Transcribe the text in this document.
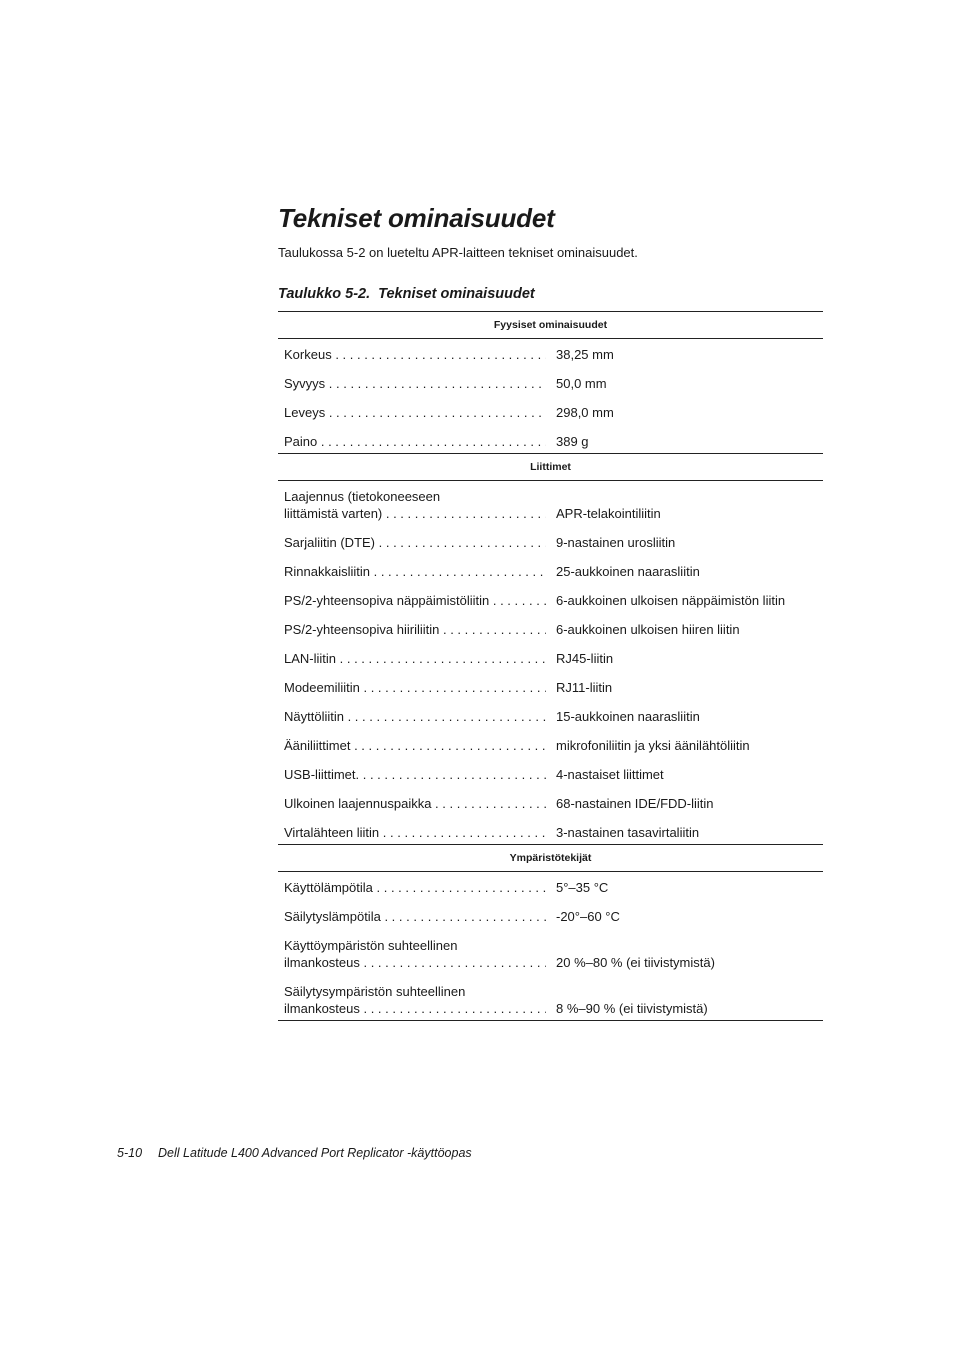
Tekniset ominaisuudet

Taulukossa 5-2 on lueteltu APR-laitteen tekniset ominaisuudet.

Taulukko 5-2. Tekniset ominaisuudet

Fyysiset ominaisuudet
Korkeus . . .	38,25 mm
Syvyys . . .	50,0 mm
Leveys . . .	298,0 mm
Paino . . .	389 g
Liittimet
Laajennus (tietokoneeseen
liittämistä varten) . . .	APR-telakointiliitin
Sarjaliitin (DTE) . . .	9-nastainen urosliitin
Rinnakkaisliitin . . .	25-aukkoinen naarasliitin
PS/2-yhteensopiva näppäimistöliitin . . .	6-aukkoinen ulkoisen näppäimistön liitin
PS/2-yhteensopiva hiiriliitin . . .	6-aukkoinen ulkoisen hiiren liitin
LAN-liitin . . .	RJ45-liitin
Modeemiliitin . . .	RJ11-liitin
Näyttöliitin . . .	15-aukkoinen naarasliitin
Ääniliittimet . . .	mikrofoniliitin ja yksi äänilähtöliitin
USB-liittimet. . . .	4-nastaiset liittimet
Ulkoinen laajennuspaikka . . .	68-nastainen IDE/FDD-liitin
Virtalähteen liitin . . .	3-nastainen tasavirtaliitin
Ympäristötekijät
Käyttölämpötila . . .	5°–35 °C
Säilytyslämpötila . . .	-20°–60 °C
Käyttöympäristön suhteellinen
ilmankosteus . . .	20 %–80 % (ei tiivistymistä)
Säilytysympäristön suhteellinen
ilmankosteus . . .	8 %–90 % (ei tiivistymistä)

5-10 Dell Latitude L400 Advanced Port Replicator -käyttöopas
